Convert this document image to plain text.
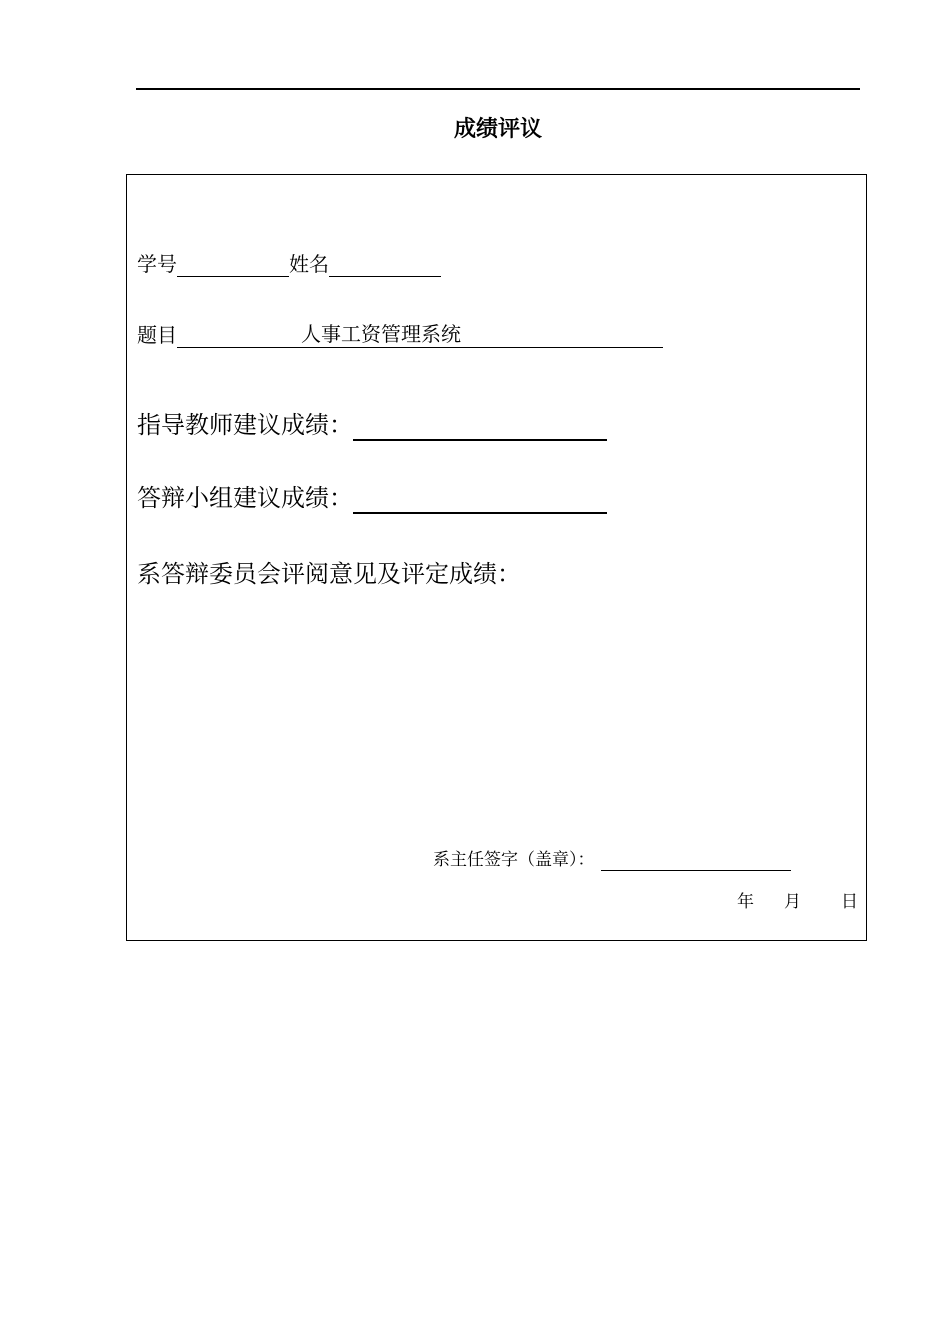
成绩评议
学号	姓名
题目	人事工资管理系统
指导教师建议成绩：
答辩小组建议成绩：
系答辩委员会评阅意见及评定成绩：
系主任签字（盖章）：
年 月 日
